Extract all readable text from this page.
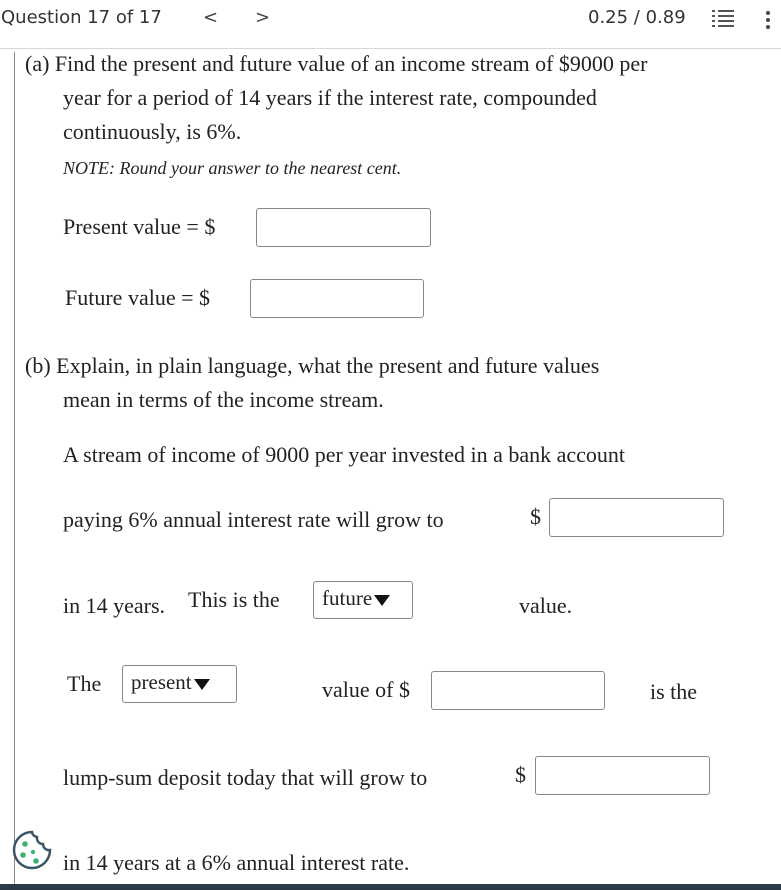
Question 17 of 17 < >	0.25 / 0.89
(a) Find the present and future value of an income stream of $9000 per
year for a period of 14 years if the interest rate, compounded
continuously, is 6%.
NOTE: Round your answer to the nearest cent.
Present value = $
Future value = $
(b) Explain, in plain language, what the present and future values
mean in terms of the income stream.
A stream of income of 9000 per year invested in a bank account
paying 6% annual interest rate will grow to	$
in 14 years. This is the	future	value.
The	present	value of $	is the
lump-sum deposit today that will grow to	$
in 14 years at a 6% annual interest rate.
